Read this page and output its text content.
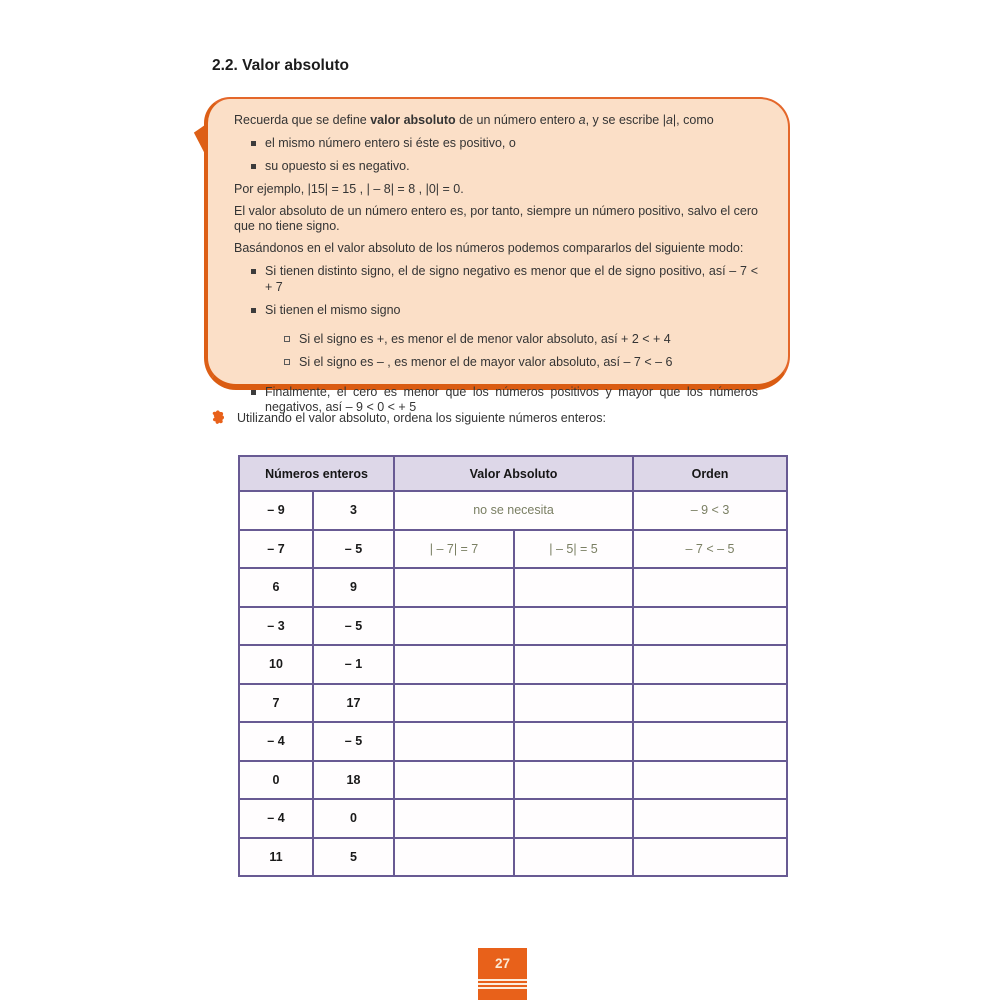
2.2. Valor absoluto

Recuerda que se define valor absoluto de un número entero a, y se escribe |a|, como

el mismo número entero si éste es positivo, o
su opuesto si es negativo.

Por ejemplo, |15| = 15 , | – 8| = 8 , |0| = 0.

El valor absoluto de un número entero es, por tanto, siempre un número positivo, salvo el cero que no tiene signo.

Basándonos en el valor absoluto de los números podemos compararlos del siguiente modo:

Si tienen distinto signo, el de signo negativo es menor que el de signo positivo, así – 7 < + 7
Si tienen el mismo signo
Si el signo es +, es menor el de menor valor absoluto, así + 2 < + 4
Si el signo es – , es menor el de mayor valor absoluto, así – 7 < – 6
Finalmente, el cero es menor que los números positivos y mayor que los números negativos, así – 9 < 0 < + 5
Utilizando el valor absoluto, ordena los siguiente números enteros:
Números enteros		Valor Absoluto		Orden
– 9	3	no se necesita		– 9 < 3
– 7	– 5	| – 7| = 7	| – 5| = 5	– 7 < – 5
6	9			
– 3	– 5			
10	– 1			
7	17			
– 4	– 5			
0	18			
– 4	0			
11	5			
27
